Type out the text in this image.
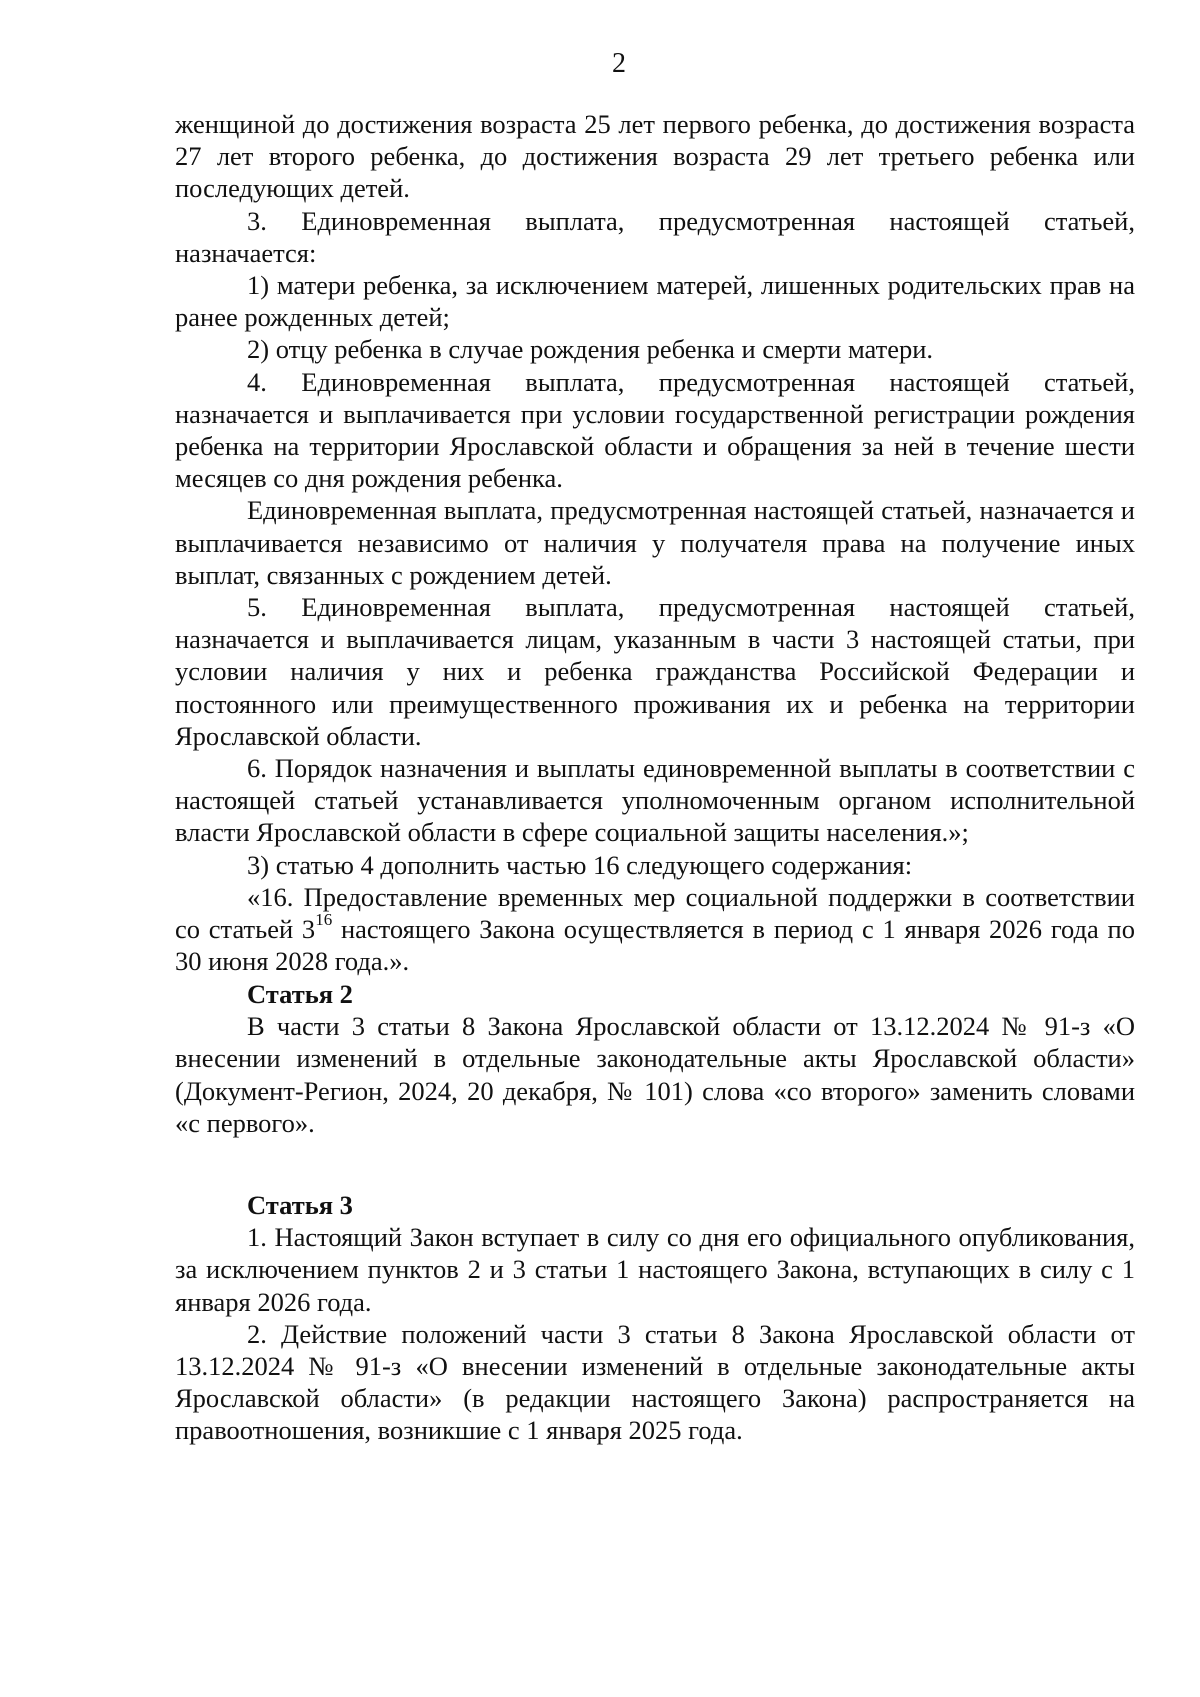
2

женщиной до достижения возраста 25 лет первого ребенка, до достижения возраста 27 лет второго ребенка, до достижения возраста 29 лет третьего ребенка или последующих детей.

3. Единовременная выплата, предусмотренная настоящей статьей, назначается:

1) матери ребенка, за исключением матерей, лишенных родительских прав на ранее рожденных детей;

2) отцу ребенка в случае рождения ребенка и смерти матери.

4. Единовременная выплата, предусмотренная настоящей статьей, назначается и выплачивается при условии государственной регистрации рождения ребенка на территории Ярославской области и обращения за ней в течение шести месяцев со дня рождения ребенка.

Единовременная выплата, предусмотренная настоящей статьей, назначается и выплачивается независимо от наличия у получателя права на получение иных выплат, связанных с рождением детей.

5. Единовременная выплата, предусмотренная настоящей статьей, назначается и выплачивается лицам, указанным в части 3 настоящей статьи, при условии наличия у них и ребенка гражданства Российской Федерации и постоянного или преимущественного проживания их и ребенка на территории Ярославской области.

6. Порядок назначения и выплаты единовременной выплаты в соответствии с настоящей статьей устанавливается уполномоченным органом исполнительной власти Ярославской области в сфере социальной защиты населения.»;

3) статью 4 дополнить частью 16 следующего содержания:

«16. Предоставление временных мер социальной поддержки в соответствии со статьей $3^{16}$ настоящего Закона осуществляется в период с 1 января 2026 года по 30 июня 2028 года.».

Статья 2

В части 3 статьи 8 Закона Ярославской области от 13.12.2024 № 91-з «О внесении изменений в отдельные законодательные акты Ярославской области» (Документ-Регион, 2024, 20 декабря, № 101) слова «со второго» заменить словами «с первого».

Статья 3

1. Настоящий Закон вступает в силу со дня его официального опубликования, за исключением пунктов 2 и 3 статьи 1 настоящего Закона, вступающих в силу с 1 января 2026 года.

2. Действие положений части 3 статьи 8 Закона Ярославской области от 13.12.2024 № 91-з «О внесении изменений в отдельные законодательные акты Ярославской области» (в редакции настоящего Закона) распространяется на правоотношения, возникшие с 1 января 2025 года.
